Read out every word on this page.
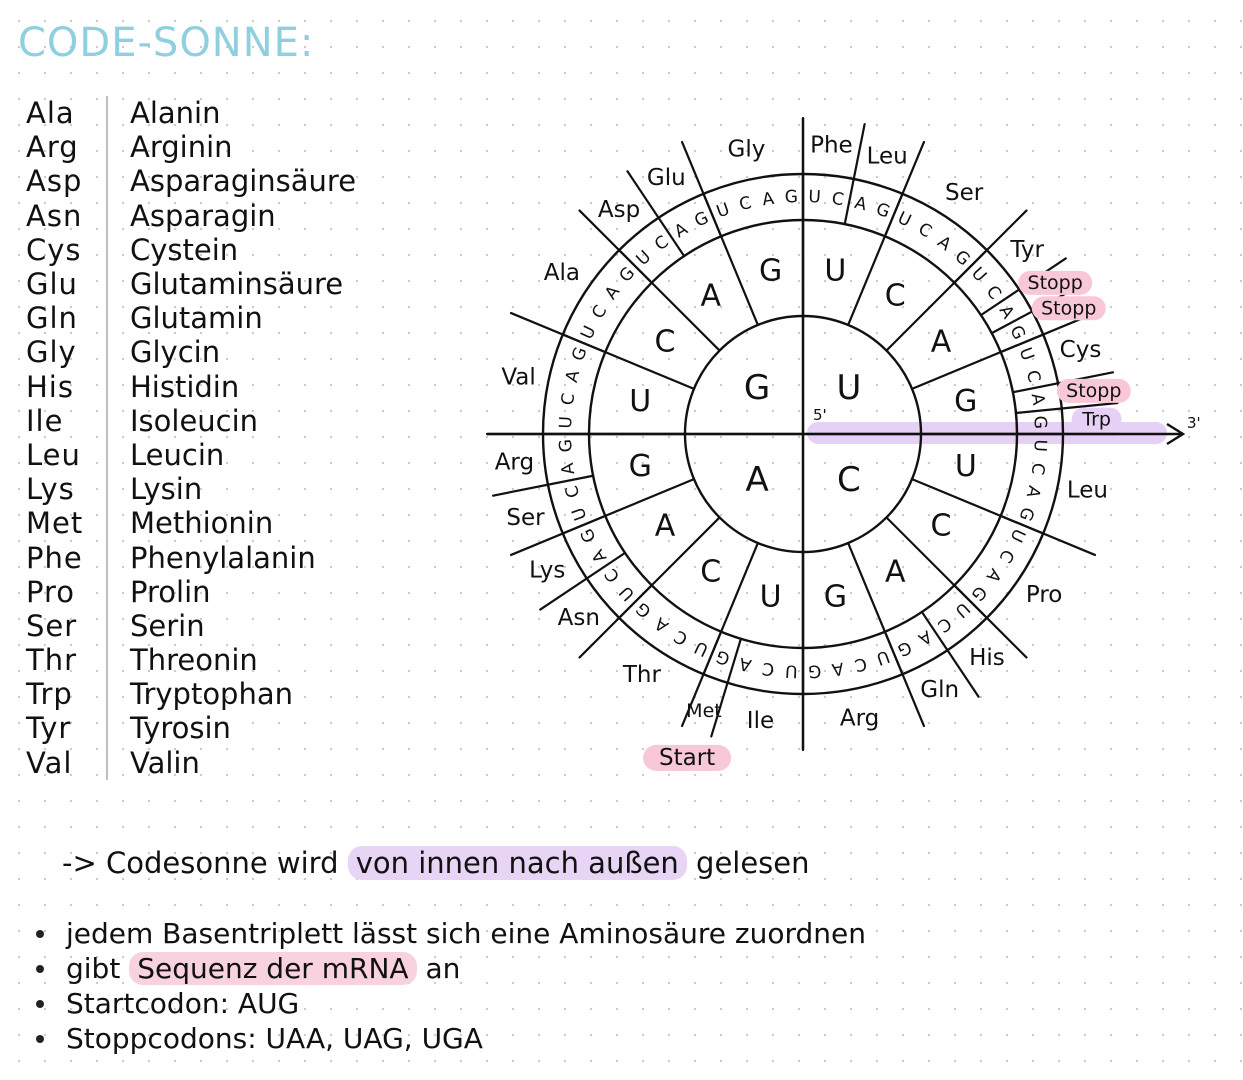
CODE-SONNE:
Ala	Alanin
Arg	Arginin
Asp	Asparaginsäure
Asn	Asparagin
Cys	Cystein
Glu	Glutaminsäure
Gln	Glutamin
Gly	Glycin
His	Histidin
Ile	Isoleucin
Leu	Leucin
Lys	Lysin
Met	Methionin
Phe	Phenylalanin
Pro	Prolin
Ser	Serin
Thr	Threonin
Trp	Tryptophan
Tyr	Tyrosin
Val	Valin
U
C
A
G
U
C
A
G
U
C
A
G
U
C
A
G
U
C
A
G
U C A G U C
A
G
U
C
A
G
U
C
A
G
U
C
A
G
U
C
A
G
U
C
A
G
U
C
A
G
U
C
A
G
U
C
A
G
U
C
A
G
U
C
A
G
U
C
A
G
U
C
A
G
U
C
A G U C A G
Phe Leu
Ser
Tyr
Stopp
Stopp
Cys
Stopp
Trp
Leu
Pro
His
Gln
Arg
Ile
Met
Thr
Asn
Lys
Ser
Arg
Val
Ala
Asp
Glu
Gly
Start
5'	3'
-> Codesonne wird von innen nach außen gelesen
jedem Basentriplett lässt sich eine Aminosäure zuordnen
gibt
Sequenz der mRNA
an
Startcodon: AUG
Stoppcodons: UAA, UAG, UGA
